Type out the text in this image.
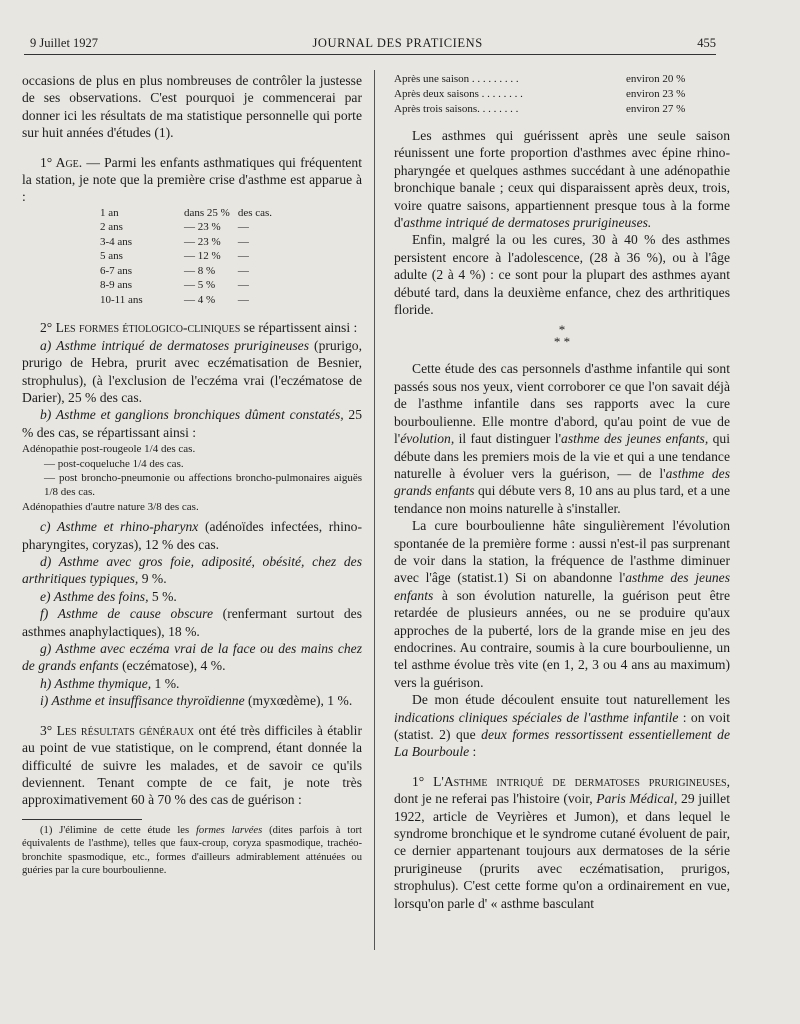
9 Juillet 1927	JOURNAL DES PRATICIENS	455

occasions de plus en plus nombreuses de contrôler la justesse de ses observations. C'est pourquoi je commencerai par donner ici les résultats de ma statistique personnelle qui porte sur huit années d'études (1).

1° Age. — Parmi les enfants asthmatiques qui fréquentent la station, je note que la première crise d'asthme est apparue à :

1 an	dans 25 %	des cas.
2 ans	— 23 %	—
3-4 ans	— 23 %	—
5 ans	— 12 %	—
6-7 ans	— 8 %	—
8-9 ans	— 5 %	—
10-11 ans	— 4 %	—

2° Les formes étiologico-cliniques se répartissent ainsi :

a) Asthme intriqué de dermatoses prurigineuses (prurigo, prurigo de Hebra, prurit avec eczématisation de Besnier, strophulus), (à l'exclusion de l'eczéma vrai (l'eczématose de Darier), 25 % des cas.

b) Asthme et ganglions bronchiques dûment constatés, 25 % des cas, se répartissant ainsi :

Adénopathie post-rougeole 1/4 des cas.
— post-coqueluche 1/4 des cas.
— post broncho-pneumonie ou affections broncho-pulmonaires aiguës 1/8 des cas.
Adénopathies d'autre nature 3/8 des cas.

c) Asthme et rhino-pharynx (adénoïdes infectées, rhino-pharyngites, coryzas), 12 % des cas.

d) Asthme avec gros foie, adiposité, obésité, chez des arthritiques typiques, 9 %.

e) Asthme des foins, 5 %.

f) Asthme de cause obscure (renfermant surtout des asthmes anaphylactiques), 18 %.

g) Asthme avec eczéma vrai de la face ou des mains chez de grands enfants (eczématose), 4 %.

h) Asthme thymique, 1 %.

i) Asthme et insuffisance thyroïdienne (myxœdème), 1 %.

3° Les résultats généraux ont été très difficiles à établir au point de vue statistique, on le comprend, étant donnée la difficulté de suivre les malades, et de savoir ce qu'ils deviennent. Tenant compte de ce fait, je note très approximativement 60 à 70 % des cas de guérison :

(1) J'élimine de cette étude les formes larvées (dites parfois à tort équivalents de l'asthme), telles que faux-croup, coryza spasmodique, trachéo-bronchite spasmodique, etc., formes d'ailleurs admirablement atténuées ou guéries par la cure bourboulienne.

Après une saison . . . . . . . . .	environ 20 %
Après deux saisons . . . . . . . .	environ 23 %
Après trois saisons. . . . . . . .	environ 27 %

Les asthmes qui guérissent après une seule saison réunissent une forte proportion d'asthmes avec épine rhino-pharyngée et quelques asthmes succédant à une adénopathie bronchique banale ; ceux qui disparaissent après deux, trois, voire quatre saisons, appartiennent presque tous à la forme d'asthme intriqué de dermatoses prurigineuses.

Enfin, malgré la ou les cures, 30 à 40 % des asthmes persistent encore à l'adolescence, (28 à 36 %), ou à l'âge adulte (2 à 4 %) : ce sont pour la plupart des asthmes ayant débuté tard, dans la deuxième enfance, chez des arthritiques floride.

*
* *

Cette étude des cas personnels d'asthme infantile qui sont passés sous nos yeux, vient corroborer ce que l'on savait déjà de l'asthme infantile dans ses rapports avec la cure bourboulienne. Elle montre d'abord, qu'au point de vue de l'évolution, il faut distinguer l'asthme des jeunes enfants, qui débute dans les premiers mois de la vie et qui a une tendance naturelle à évoluer vers la guérison, — de l'asthme des grands enfants qui débute vers 8, 10 ans au plus tard, et a une tendance non moins naturelle à s'installer.

La cure bourboulienne hâte singulièrement l'évolution spontanée de la première forme : aussi n'est-il pas surprenant de voir dans la station, la fréquence de l'asthme diminuer avec l'âge (statist.1) Si on abandonne l'asthme des jeunes enfants à son évolution naturelle, la guérison peut être retardée de plusieurs années, ou ne se produire qu'aux approches de la puberté, lors de la grande mise en jeu des endocrines. Au contraire, soumis à la cure bourboulienne, un tel asthme évolue très vite (en 1, 2, 3 ou 4 ans au maximum) vers la guérison.

De mon étude découlent ensuite tout naturellement les indications cliniques spéciales de l'asthme infantile : on voit (statist. 2) que deux formes ressortissent essentiellement de La Bourboule :

1° L'Asthme intriqué de dermatoses prurigineuses, dont je ne referai pas l'histoire (voir, Paris Médical, 29 juillet 1922, article de Veyrières et Jumon), et dans lequel le syndrome bronchique et le syndrome cutané évoluent de pair, ce dernier appartenant toujours aux dermatoses de la série prurigineuse (prurits avec eczématisation, prurigos, strophulus). C'est cette forme qu'on a ordinairement en vue, lorsqu'on parle d' « asthme basculant
